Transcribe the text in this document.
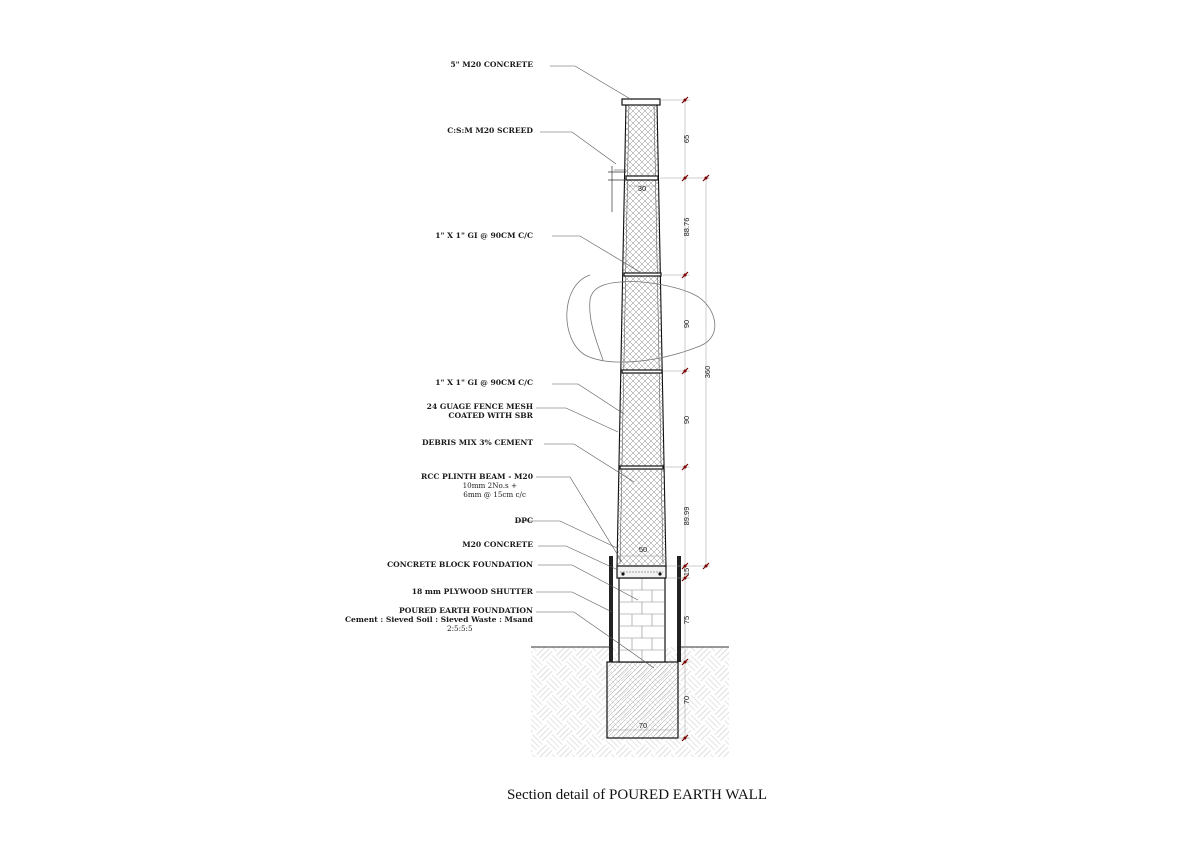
5" M20 CONCRETE
C:S:M M20 SCREED
1" X 1" GI @ 90CM C/C
1" X 1" GI @ 90CM C/C
24 GUAGE FENCE MESH
COATED WITH SBR
DEBRIS MIX 3% CEMENT
RCC PLINTH BEAM - M20
10mm 2No.s +
6mm @ 15cm c/c
DPC
M20 CONCRETE
CONCRETE BLOCK FOUNDATION
18 mm PLYWOOD SHUTTER
POURED EARTH FOUNDATION
Cement : Sieved Soil : Sieved Waste : Msand
2:5:5:5
65
30
88.76
90
360
90
89.99
50
15
75
70
70
Section detail of POURED EARTH WALL
